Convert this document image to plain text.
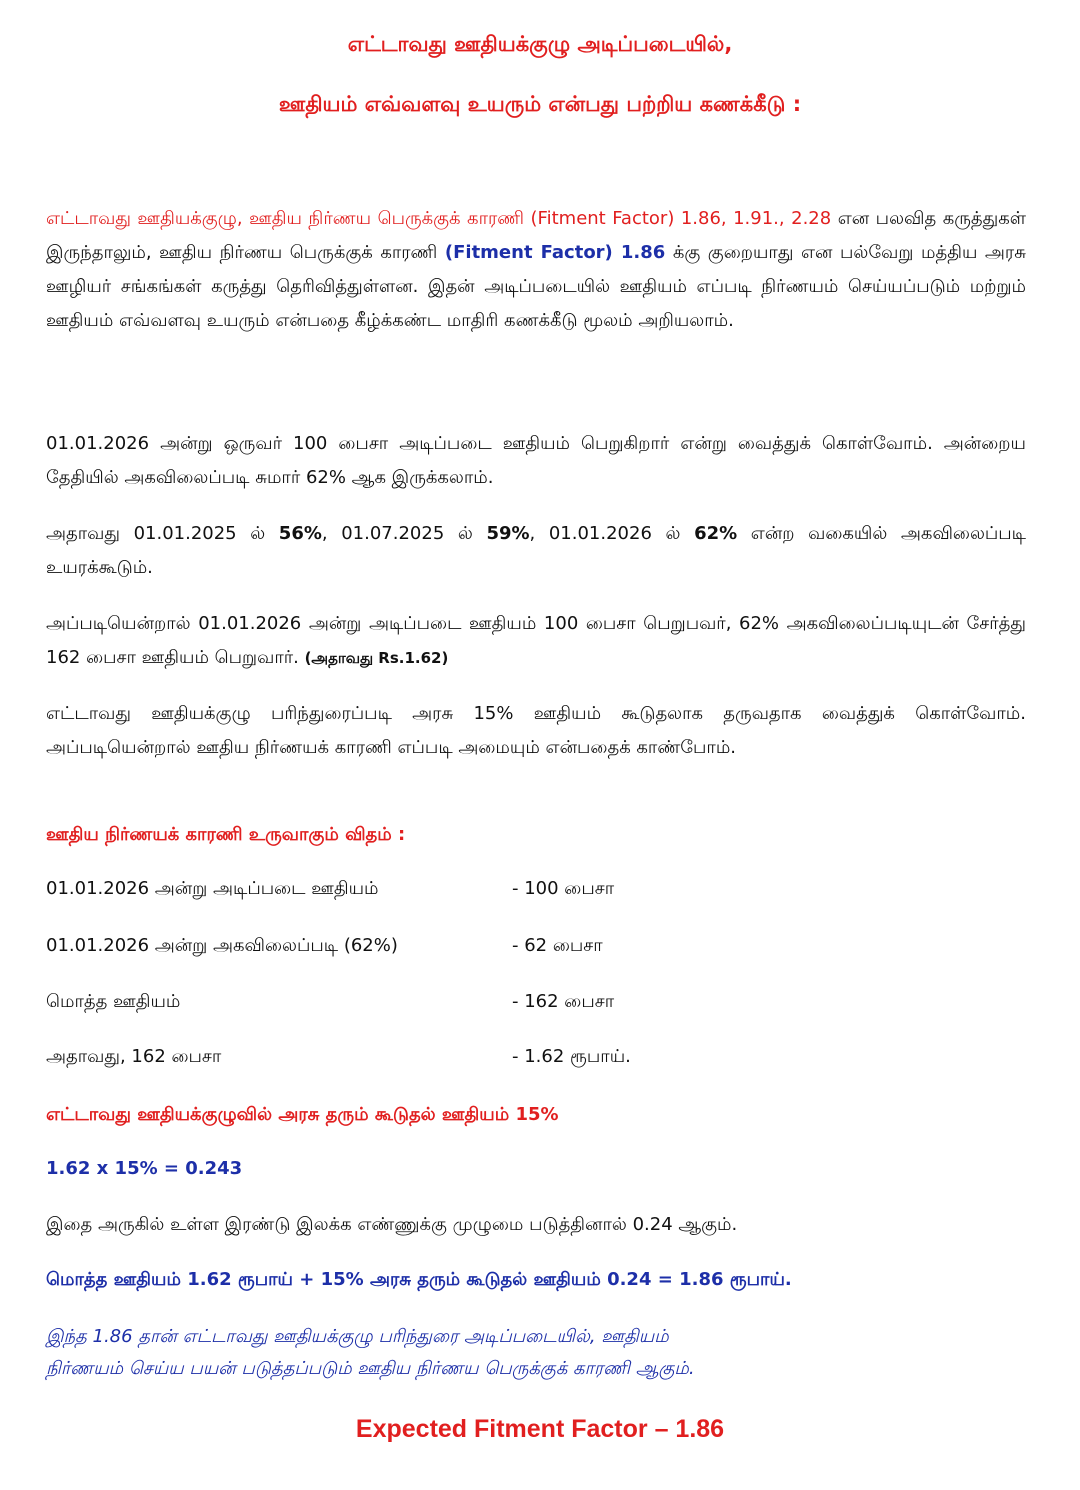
எட்டாவது ஊதியக்குழு அடிப்படையில்,
ஊதியம் எவ்வளவு உயரும் என்பது பற்றிய கணக்கீடு :
எட்டாவது ஊதியக்குழு, ஊதிய நிர்ணய பெருக்குக் காரணி (Fitment Factor) 1.86, 1.91., 2.28 என பலவித கருத்துகள் இருந்தாலும், ஊதிய நிர்ணய பெருக்குக் காரணி (Fitment Factor) 1.86 க்கு குறையாது என பல்வேறு மத்திய அரசு ஊழியர் சங்கங்கள் கருத்து தெரிவித்துள்ளன. இதன் அடிப்படையில் ஊதியம் எப்படி நிர்ணயம் செய்யப்படும் மற்றும் ஊதியம் எவ்வளவு உயரும் என்பதை கீழ்க்கண்ட மாதிரி கணக்கீடு மூலம் அறியலாம்.
01.01.2026 அன்று ஒருவர் 100 பைசா அடிப்படை ஊதியம் பெறுகிறார் என்று வைத்துக் கொள்வோம். அன்றைய தேதியில் அகவிலைப்படி சுமார் 62% ஆக இருக்கலாம்.
அதாவது 01.01.2025 ல் 56%, 01.07.2025 ல் 59%, 01.01.2026 ல் 62% என்ற வகையில் அகவிலைப்படி உயரக்கூடும்.
அப்படியென்றால் 01.01.2026 அன்று அடிப்படை ஊதியம் 100 பைசா பெறுபவர், 62% அகவிலைப்படியுடன் சேர்த்து 162 பைசா ஊதியம் பெறுவார். (அதாவது Rs.1.62)
எட்டாவது ஊதியக்குழு பரிந்துரைப்படி அரசு 15% ஊதியம் கூடுதலாக தருவதாக வைத்துக் கொள்வோம். அப்படியென்றால் ஊதிய நிர்ணயக் காரணி எப்படி அமையும் என்பதைக் காண்போம்.
ஊதிய நிர்ணயக் காரணி உருவாகும் விதம் :
01.01.2026 அன்று அடிப்படை ஊதியம்	- 100 பைசா
01.01.2026 அன்று அகவிலைப்படி (62%)	- 62 பைசா
மொத்த ஊதியம்	- 162 பைசா
அதாவது, 162 பைசா	- 1.62 ரூபாய்.
எட்டாவது ஊதியக்குழுவில் அரசு தரும் கூடுதல் ஊதியம் 15%
1.62 x 15% = 0.243
இதை அருகில் உள்ள இரண்டு இலக்க எண்ணுக்கு முழுமை படுத்தினால் 0.24 ஆகும்.
மொத்த ஊதியம் 1.62 ரூபாய் + 15% அரசு தரும் கூடுதல் ஊதியம் 0.24 = 1.86 ரூபாய்.
இந்த 1.86 தான் எட்டாவது ஊதியக்குழு பரிந்துரை அடிப்படையில், ஊதியம்
நிர்ணயம் செய்ய பயன் படுத்தப்படும் ஊதிய நிர்ணய பெருக்குக் காரணி ஆகும்.
Expected Fitment Factor – 1.86
